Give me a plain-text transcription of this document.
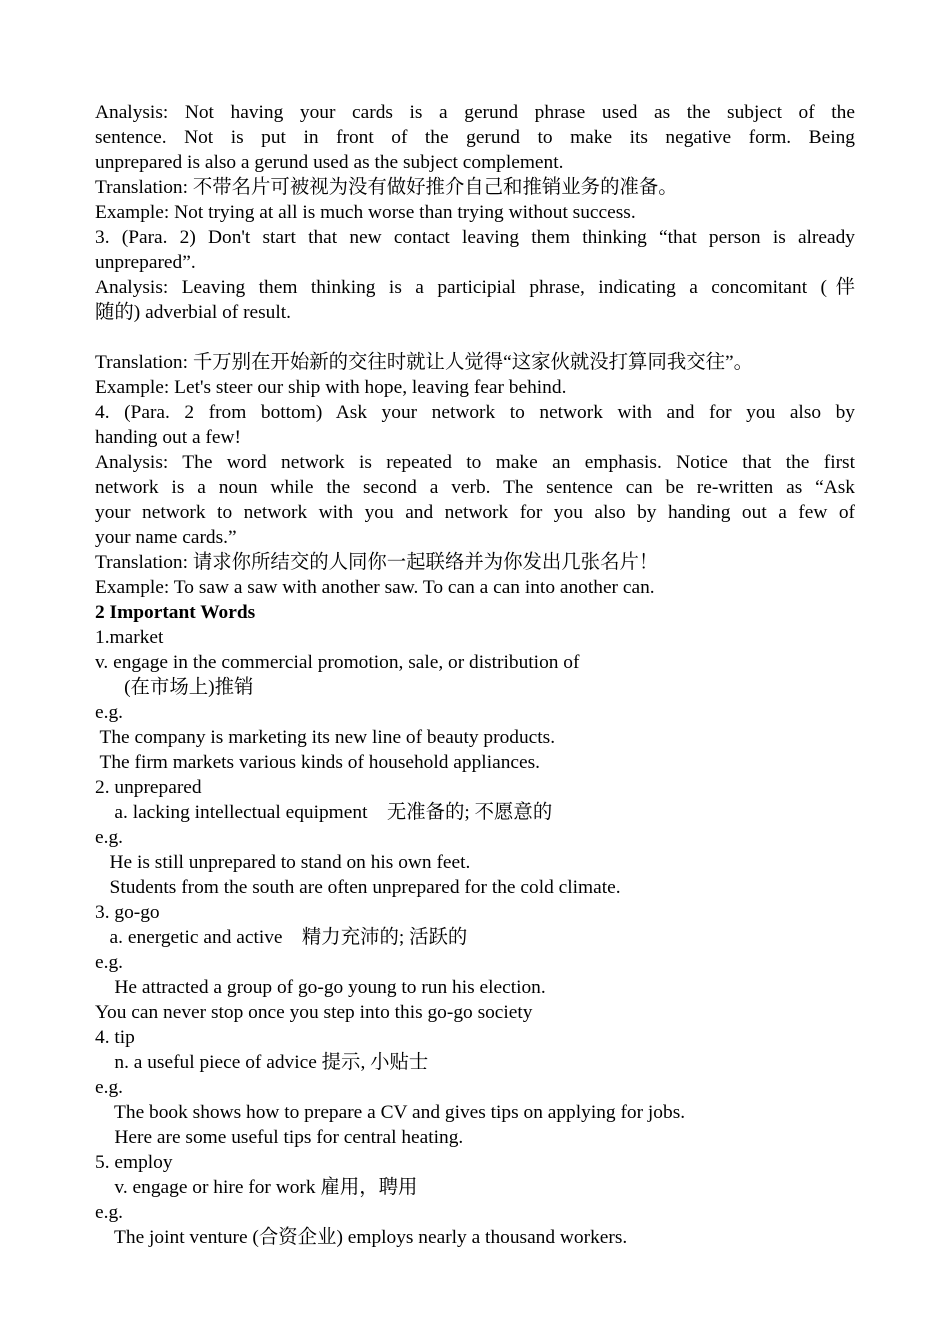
Analysis: Not having your cards is a gerund phrase used as the subject of the
sentence. Not is put in front of the gerund to make its negative form. Being
unprepared is also a gerund used as the subject complement.
Translation: 不带名片可被视为没有做好推介自己和推销业务的准备。
Example: Not trying at all is much worse than trying without success.
3. (Para. 2) Don't start that new contact leaving them thinking “that person is already
unprepared”.
Analysis: Leaving them thinking is a participial phrase, indicating a concomitant (伴
随的) adverbial of result.
Translation: 千万别在开始新的交往时就让人觉得“这家伙就没打算同我交往”。
Example: Let's steer our ship with hope, leaving fear behind.
4. (Para. 2 from bottom) Ask your network to network with and for you also by
handing out a few!
Analysis: The word network is repeated to make an emphasis. Notice that the first
network is a noun while the second a verb. The sentence can be re-written as “Ask
your network to network with you and network for you also by handing out a few of
your name cards.”
Translation: 请求你所结交的人同你一起联络并为你发出几张名片！
Example: To saw a saw with another saw. To can a can into another can.
2 Important Words
1.market
v. engage in the commercial promotion, sale, or distribution of
(在市场上)推销
e.g.
The company is marketing its new line of beauty products.
The firm markets various kinds of household appliances.
2. unprepared
a. lacking intellectual equipment    无准备的; 不愿意的
e.g.
He is still unprepared to stand on his own feet.
Students from the south are often unprepared for the cold climate.
3. go-go
a. energetic and active    精力充沛的; 活跃的
e.g.
He attracted a group of go-go young to run his election.
You can never stop once you step into this go-go society
4. tip
n. a useful piece of advice 提示, 小贴士
e.g.
The book shows how to prepare a CV and gives tips on applying for jobs.
Here are some useful tips for central heating.
5. employ
v. engage or hire for work 雇用，聘用
e.g.
The joint venture (合资企业) employs nearly a thousand workers.
